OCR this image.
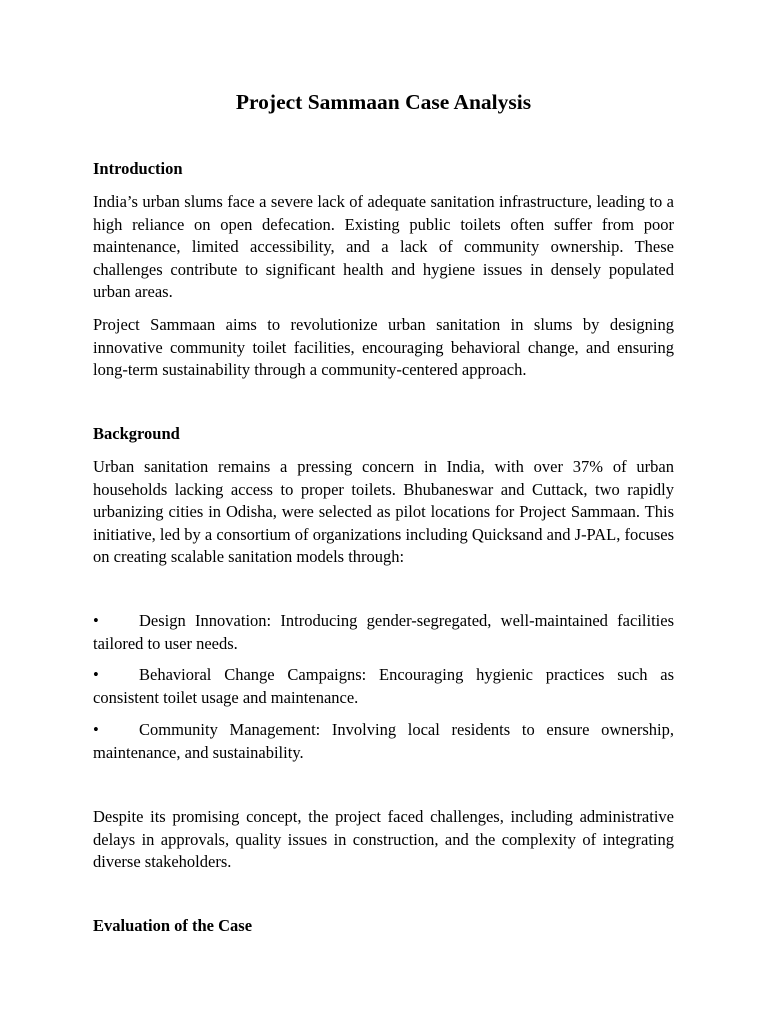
Project Sammaan Case Analysis
Introduction

India’s urban slums face a severe lack of adequate sanitation infrastructure, leading to a high reliance on open defecation. Existing public toilets often suffer from poor maintenance, limited accessibility, and a lack of community ownership. These challenges contribute to significant health and hygiene issues in densely populated urban areas.

Project Sammaan aims to revolutionize urban sanitation in slums by designing innovative community toilet facilities, encouraging behavioral change, and ensuring long-term sustainability through a community-centered approach.

Background

Urban sanitation remains a pressing concern in India, with over 37% of urban households lacking access to proper toilets. Bhubaneswar and Cuttack, two rapidly urbanizing cities in Odisha, were selected as pilot locations for Project Sammaan. This initiative, led by a consortium of organizations including Quicksand and J-PAL, focuses on creating scalable sanitation models through:

• Design Innovation: Introducing gender-segregated, well-maintained facilities tailored to user needs.

• Behavioral Change Campaigns: Encouraging hygienic practices such as consistent toilet usage and maintenance.

• Community Management: Involving local residents to ensure ownership, maintenance, and sustainability.

Despite its promising concept, the project faced challenges, including administrative delays in approvals, quality issues in construction, and the complexity of integrating diverse stakeholders.

Evaluation of the Case
